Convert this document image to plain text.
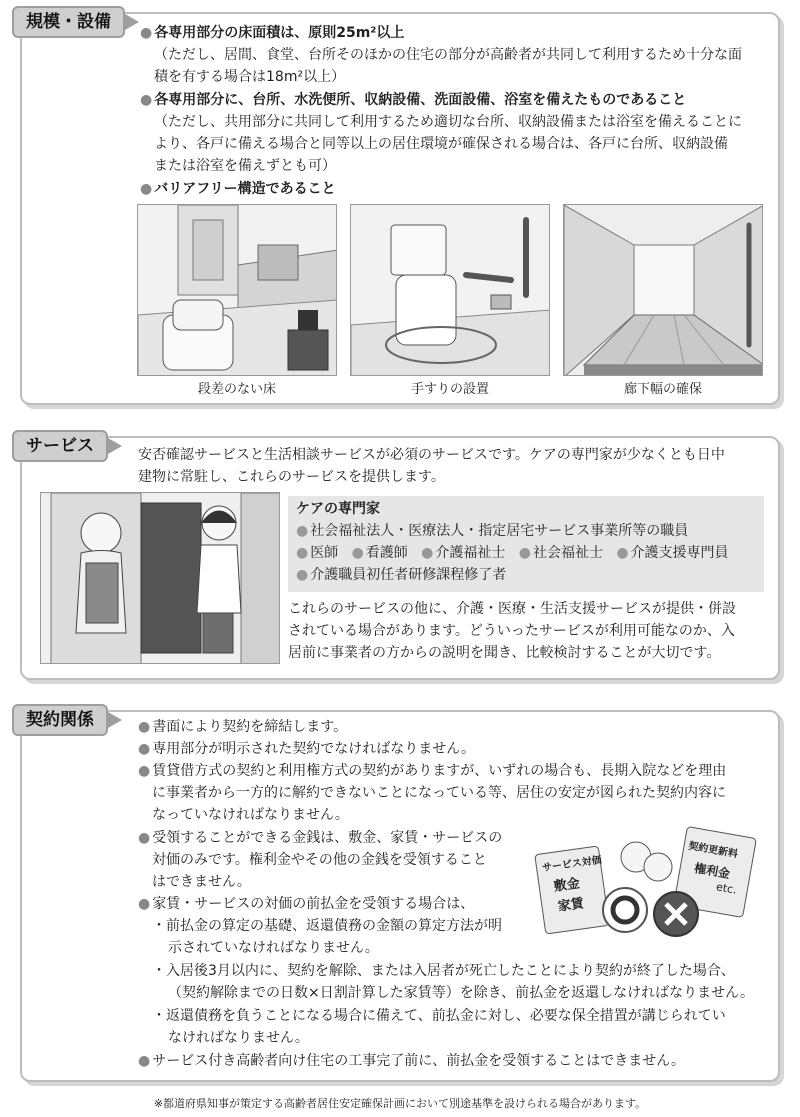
規模・設備
● 各専用部分の床面積は、原則25m²以上
（ただし、居間、食堂、台所そのほかの住宅の部分が高齢者が共同して利用するため十分な面
積を有する場合は18m²以上）
● 各専用部分に、台所、水洗便所、収納設備、洗面設備、浴室を備えたものであること
（ただし、共用部分に共同して利用するため適切な台所、収納設備または浴室を備えることに
より、各戸に備える場合と同等以上の居住環境が確保される場合は、各戸に台所、収納設備
または浴室を備えずとも可）
● バリアフリー構造であること
段差のない床	手すりの設置	廊下幅の確保
サービス	安否確認サービスと生活相談サービスが必須のサービスです。ケアの専門家が少なくとも日中
建物に常駐し、これらのサービスを提供します。
ケアの専門家
● 社会福祉法人・医療法人・指定居宅サービス事業所等の職員
● 医師 ● 看護師 ● 介護福祉士 ● 社会福祉士 ● 介護支援専門員
● 介護職員初任者研修課程修了者
これらのサービスの他に、介護・医療・生活支援サービスが提供・併設
されている場合があります。どういったサービスが利用可能なのか、入
居前に事業者の方からの説明を聞き、比較検討することが大切です。
契約関係	● 書面により契約を締結します。
● 専用部分が明示された契約でなければなりません。
● 賃貸借方式の契約と利用権方式の契約がありますが、いずれの場合も、長期入院などを理由
に事業者から一方的に解約できないことになっている等、居住の安定が図られた契約内容に
なっていなければなりません。
● 受領することができる金銭は、敷金、家賃・サービスの
対価のみです。権利金やその他の金銭を受領すること
はできません。
● 家賃・サービスの対価の前払金を受領する場合は、
・ 前払金の算定の基礎、返還債務の金額の算定方法が明
示されていなければなりません。
・ 入居後3月以内に、契約を解除、または入居者が死亡したことにより契約が終了した場合、
（契約解除までの日数×日割計算した家賃等）を除き、前払金を返還しなければなりません。
・ 返還債務を負うことになる場合に備えて、前払金に対し、必要な保全措置が講じられてい
なければなりません。
● サービス付き高齢者向け住宅の工事完了前に、前払金を受領することはできません。
サービス対価
敷金
家賃
契約更新料
権利金
etc.
※都道府県知事が策定する高齢者居住安定確保計画において別途基準を設けられる場合があります。
